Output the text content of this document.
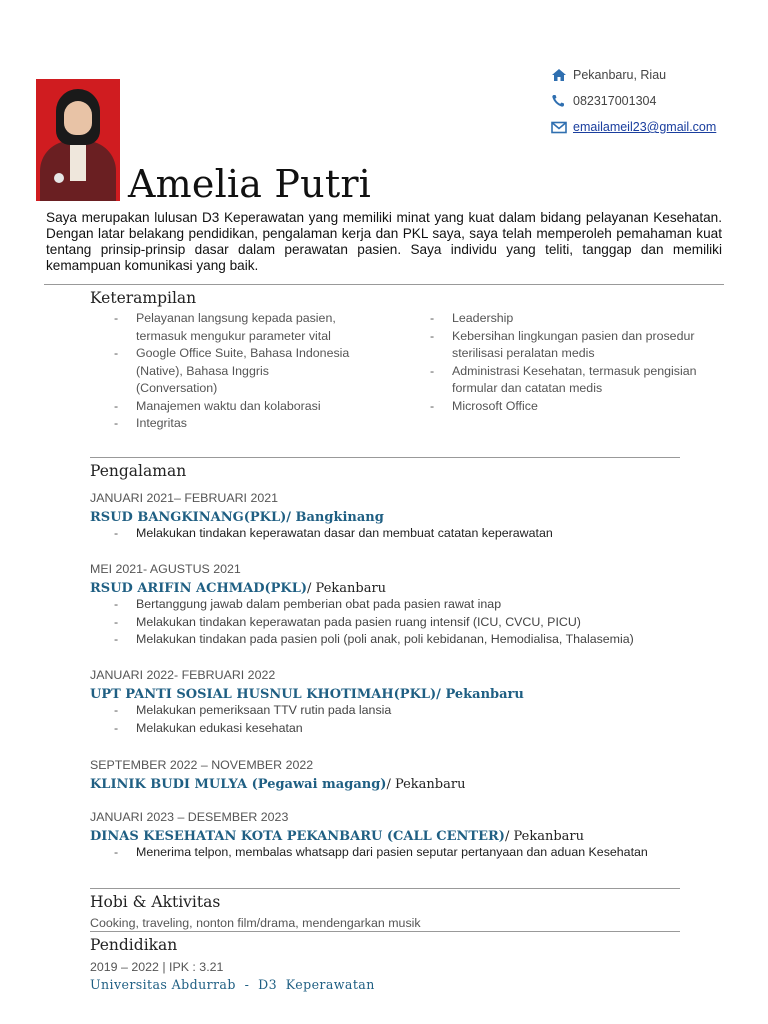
Pekanbaru, Riau
082317001304
emailameil23@gmail.com
Amelia Putri
Saya merupakan lulusan D3 Keperawatan yang memiliki minat yang kuat dalam bidang pelayanan Kesehatan. Dengan latar belakang pendidikan, pengalaman kerja dan PKL saya, saya telah memperoleh pemahaman kuat tentang prinsip-prinsip dasar dalam perawatan pasien. Saya individu yang teliti, tanggap dan memiliki kemampuan komunikasi yang baik.
Keterampilan
- Pelayanan langsung kepada pasien, termasuk mengukur parameter vital
- Google Office Suite, Bahasa Indonesia (Native), Bahasa Inggris (Conversation)
- Manajemen waktu dan kolaborasi
- Integritas
- Leadership
- Kebersihan lingkungan pasien dan prosedur sterilisasi peralatan medis
- Administrasi Kesehatan, termasuk pengisian formular dan catatan medis
- Microsoft Office
Pengalaman
JANUARI 2021– FEBRUARI 2021
RSUD BANGKINANG(PKL)/ Bangkinang
- Melakukan tindakan keperawatan dasar dan membuat catatan keperawatan
MEI 2021- AGUSTUS 2021
RSUD ARIFIN ACHMAD(PKL)/ Pekanbaru
- Bertanggung jawab dalam pemberian obat pada pasien rawat inap
- Melakukan tindakan keperawatan pada pasien ruang intensif (ICU, CVCU, PICU)
- Melakukan tindakan pada pasien poli (poli anak, poli kebidanan, Hemodialisa, Thalasemia)
JANUARI 2022- FEBRUARI 2022
UPT PANTI SOSIAL HUSNUL KHOTIMAH(PKL)/ Pekanbaru
- Melakukan pemeriksaan TTV rutin pada lansia
- Melakukan edukasi kesehatan
SEPTEMBER 2022 – NOVEMBER 2022
KLINIK BUDI MULYA (Pegawai magang)/ Pekanbaru
JANUARI 2023 – DESEMBER 2023
DINAS KESEHATAN KOTA PEKANBARU (CALL CENTER)/ Pekanbaru
- Menerima telpon, membalas whatsapp dari pasien seputar pertanyaan dan aduan Kesehatan
Hobi & Aktivitas
Cooking, traveling, nonton film/drama, mendengarkan musik
Pendidikan
2019 – 2022 | IPK : 3.21
Universitas Abdurrab  -  D3  Keperawatan
